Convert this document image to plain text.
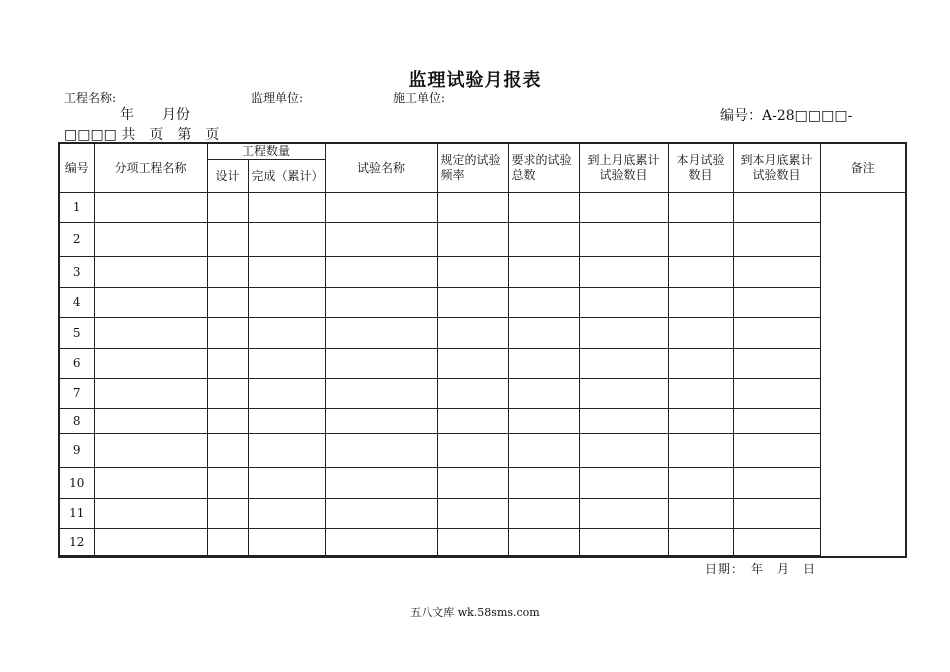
监理试验月报表
工程名称:	监理单位:	施工单位:
年　　月份	编号：A-28□□□□-
□□□□ 共　页　第　页
编号	分项工程名称	工程数量		试验名称	规定的试验频率	要求的试验总数	到上月底累计试验数目	本月试验数目	到本月底累计试验数目	备注
		设计	完成（累计）							
1										
2										
3										
4										
5										
6										
7										
8										
9										
10										
11										
12										

日期：　年　月　日
五八文库 wk.58sms.com
